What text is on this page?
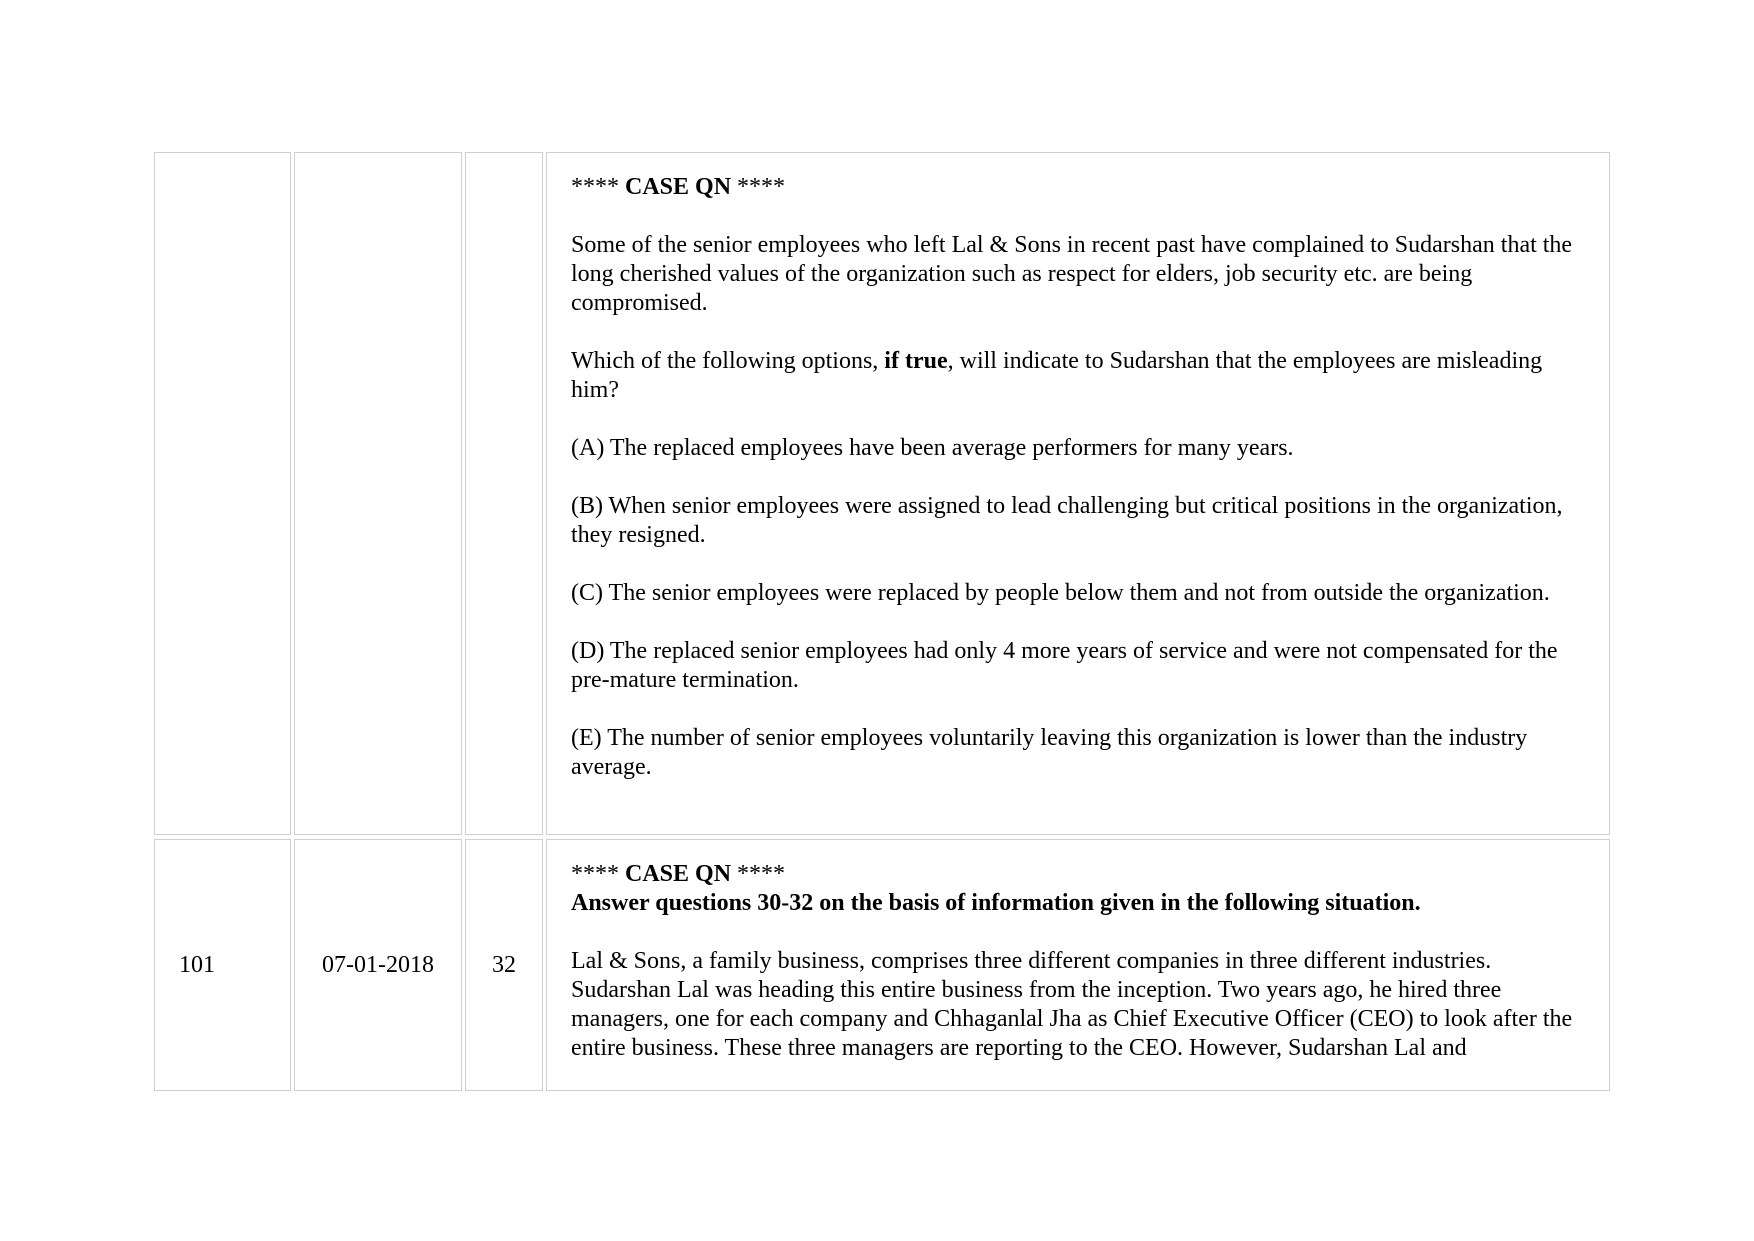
**** CASE QN ****

Some of the senior employees who left Lal & Sons in recent past have complained to Sudarshan that the long cherished values of the organization such as respect for elders, job security etc. are being compromised.

Which of the following options, if true, will indicate to Sudarshan that the employees are misleading him?

(A) The replaced employees have been average performers for many years.

(B) When senior employees were assigned to lead challenging but critical positions in the organization, they resigned.

(C) The senior employees were replaced by people below them and not from outside the organization.

(D) The replaced senior employees had only 4 more years of service and were not compensated for the pre-mature termination.

(E) The number of senior employees voluntarily leaving this organization is lower than the industry average.

101	07-01-2018 32

**** CASE QN ****

Answer questions 30-32 on the basis of information given in the following situation.

Lal & Sons, a family business, comprises three different companies in three different industries. Sudarshan Lal was heading this entire business from the inception. Two years ago, he hired three managers, one for each company and Chhaganlal Jha as Chief Executive Officer (CEO) to look after the entire business. These three managers are reporting to the CEO. However, Sudarshan Lal and
